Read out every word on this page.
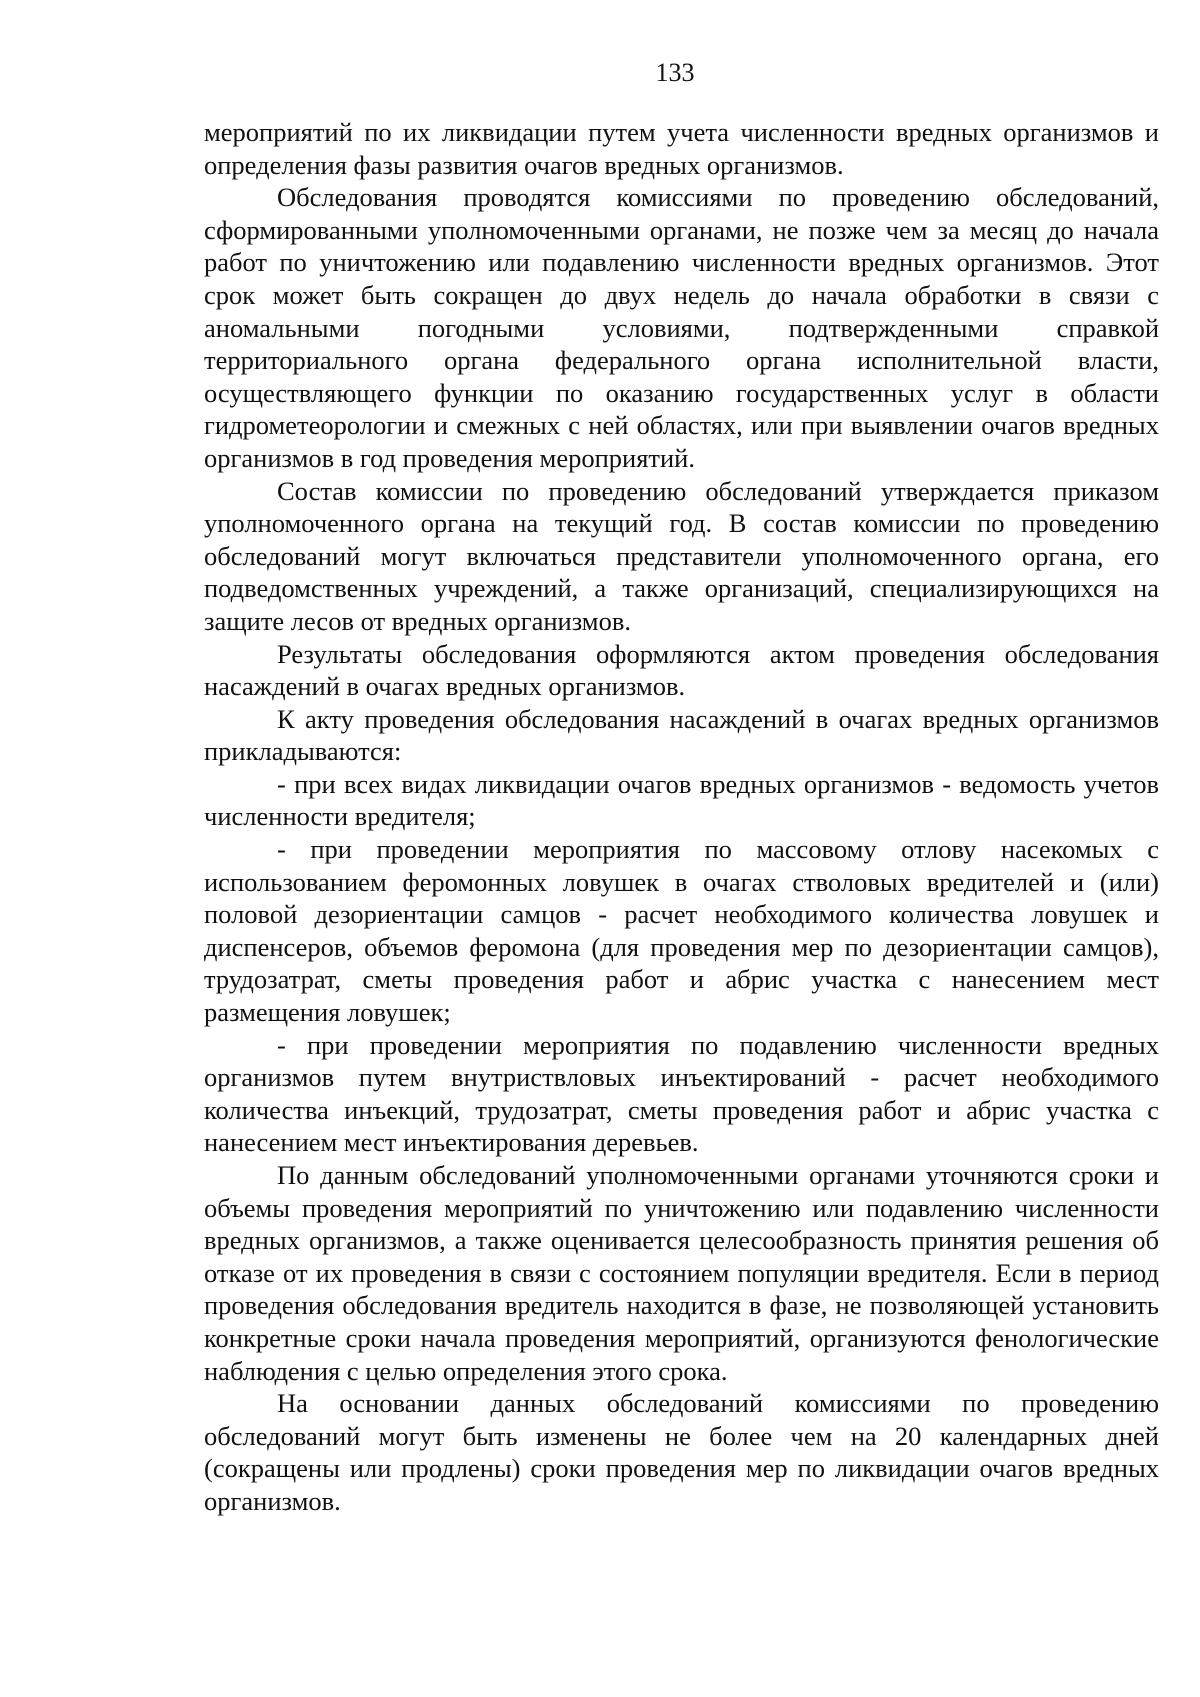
133

мероприятий по их ликвидации путем учета численности вредных организмов и определения фазы развития очагов вредных организмов.

Обследования проводятся комиссиями по проведению обследований, сформированными уполномоченными органами, не позже чем за месяц до начала работ по уничтожению или подавлению численности вредных организмов. Этот срок может быть сокращен до двух недель до начала обработки в связи с аномальными погодными условиями, подтвержденными справкой территориального органа федерального органа исполнительной власти, осуществляющего функции по оказанию государственных услуг в области гидрометеорологии и смежных с ней областях, или при выявлении очагов вредных организмов в год проведения мероприятий.

Состав комиссии по проведению обследований утверждается приказом уполномоченного органа на текущий год. В состав комиссии по проведению обследований могут включаться представители уполномоченного органа, его подведомственных учреждений, а также организаций, специализирующихся на защите лесов от вредных организмов.

Результаты обследования оформляются актом проведения обследования насаждений в очагах вредных организмов.

К акту проведения обследования насаждений в очагах вредных организмов прикладываются:

- при всех видах ликвидации очагов вредных организмов - ведомость учетов численности вредителя;

- при проведении мероприятия по массовому отлову насекомых с использованием феромонных ловушек в очагах стволовых вредителей и (или) половой дезориентации самцов - расчет необходимого количества ловушек и диспенсеров, объемов феромона (для проведения мер по дезориентации самцов), трудозатрат, сметы проведения работ и абрис участка с нанесением мест размещения ловушек;

- при проведении мероприятия по подавлению численности вредных организмов путем внутриствловых инъектирований - расчет необходимого количества инъекций, трудозатрат, сметы проведения работ и абрис участка с нанесением мест инъектирования деревьев.

По данным обследований уполномоченными органами уточняются сроки и объемы проведения мероприятий по уничтожению или подавлению численности вредных организмов, а также оценивается целесообразность принятия решения об отказе от их проведения в связи с состоянием популяции вредителя. Если в период проведения обследования вредитель находится в фазе, не позволяющей установить конкретные сроки начала проведения мероприятий, организуются фенологические наблюдения с целью определения этого срока.

На основании данных обследований комиссиями по проведению обследований могут быть изменены не более чем на 20 календарных дней (сокращены или продлены) сроки проведения мер по ликвидации очагов вредных организмов.
